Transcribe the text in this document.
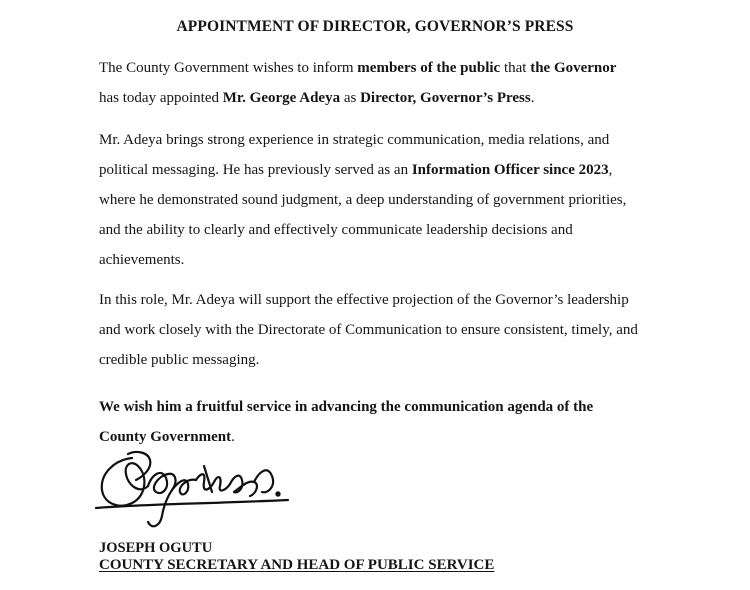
APPOINTMENT OF DIRECTOR, GOVERNOR’S PRESS

The County Government wishes to inform members of the public that the Governor
has today appointed Mr. George Adeya as Director, Governor’s Press.

Mr. Adeya brings strong experience in strategic communication, media relations, and
political messaging. He has previously served as an Information Officer since 2023,
where he demonstrated sound judgment, a deep understanding of government priorities,
and the ability to clearly and effectively communicate leadership decisions and
achievements.

In this role, Mr. Adeya will support the effective projection of the Governor’s leadership
and work closely with the Directorate of Communication to ensure consistent, timely, and
credible public messaging.

We wish him a fruitful service in advancing the communication agenda of the
County Government.

JOSEPH OGUTU
COUNTY SECRETARY AND HEAD OF PUBLIC SERVICE
